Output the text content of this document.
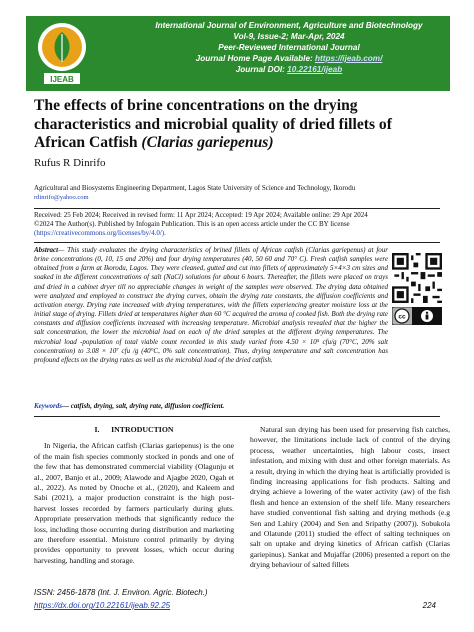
IJEAB
International Journal of Environment, Agriculture and Biotechnology
Vol-9, Issue-2; Mar-Apr, 2024
Peer-Reviewed International Journal
Journal Home Page Available: https://ijeab.com/
Journal DOI: 10.22161/ijeab
The effects of brine concentrations on the drying characteristics and microbial quality of dried fillets of African Catfish (Clarias gariepenus)
Rufus R Dinrifo
Agricultural and Biosystems Engineering Department, Lagos State University of Science and Technology, Ikorodu
rdinrifo@yahoo.com
Received: 25 Feb 2024; Received in revised form: 11 Apr 2024; Accepted: 19 Apr 2024; Available online: 29 Apr 2024
©2024 The Author(s). Published by Infogain Publication. This is an open access article under the CC BY license
(https://creativecommons.org/licenses/by/4.0/).
Abstract— This study evaluates the drying characteristics of brined fillets of African catfish (Clarias gariepenus) at four brine concentrations (0, 10, 15 and 20%) and four drying temperatures (40, 50 60 and 70° C). Fresh catfish samples were obtained from a farm at Ikorodu, Lagos. They were cleaned, gutted and cut into fillets of approximately 5×4×3 cm sizes and soaked in the different concentrations of salt (NaCl) solutions for about 6 hours. Thereafter, the fillets were placed on trays and dried in a cabinet dryer till no appreciable changes in weight of the samples were observed. The drying data obtained were analyzed and employed to construct the drying curves, obtain the drying rate constants, the diffusion coefficients and activation energy. Drying rate increased with drying temperatures, with the fillets experiencing greater moisture loss at the initial stage of drying. Fillets dried at temperatures higher than 60 °C acquired the aroma of cooked fish. Both the drying rate constants and diffusion coefficients increased with increasing temperature. Microbial analysis revealed that the higher the salt concentration, the lower the microbial load on each of the dried samples at the different drying temperatures. The microbial load -population of total viable count recorded in this study varied from 4.50 × 10⁵ cfu/g (70°C, 20% salt concentration) to 3.08 × 10⁷ cfu /g (40°C, 0% salt concentration). Thus, drying temperature and salt concentration has profound effects on the drying rates as well as the microbial load of the dried catfish.
cc
Keywords— catfish, drying, salt, drying rate, diffusion coefficient.
I.      INTRODUCTION

In Nigeria, the African catfish (Clarias gariepenus) is the one of the main fish species commonly stocked in ponds and one of the few that has demonstrated commercial viability (Olagunju et al., 2007, Banjo et al., 2009; Alawode and Ajagbe 2020, Ogah et al., 2022). As noted by Onoche et al., (2020), and Kaleem and Sabi (2021), a major production constraint is the high post-harvest losses recorded by farmers particularly during gluts. Appropriate preservation methods that significantly reduce the loss, including those occurring during distribution and marketing are therefore essential. Moisture control primarily by drying provides opportunity to prevent losses, which occur during harvesting, handling and storage.

Natural sun drying has been used for preserving fish catches, however, the limitations include lack of control of the drying process, weather uncertainties, high labour costs, insect infestation, and mixing with dust and other foreign materials. As a result, drying in which the drying heat is artificially provided is finding increasing applications for fish products. Salting and drying achieve a lowering of the water activity (aw) of the fish flesh and hence an extension of the shelf life. Many researchers have studied conventional fish salting and drying methods (e.g Sen and Lahiry (2004) and Sen and Sripathy (2007)). Sobukola and Olatunde (2011) studied the effect of salting techniques on salt on uptake and drying kinetics of African catfish (Clarias gariepinus). Sankat and Mujaffar (2006) presented a report on the drying behaviour of salted fillets

ISSN: 2456-1878 (Int. J. Environ. Agric. Biotech.)
https://dx.doi.org/10.22161/ijeab.92.25	224
